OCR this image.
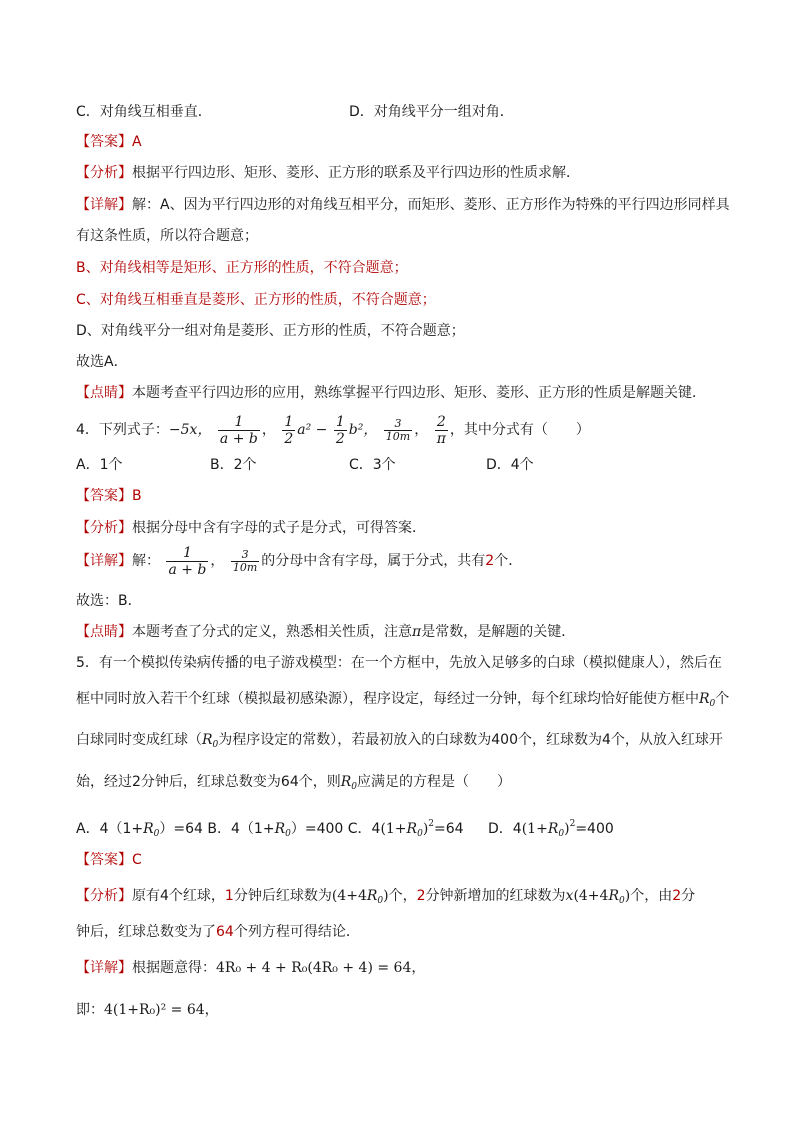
C．对角线互相垂直．	D．对角线平分一组对角．
【答案】A
【分析】根据平行四边形、矩形、菱形、正方形的联系及平行四边形的性质求解．
【详解】解：A、因为平行四边形的对角线互相平分，而矩形、菱形、正方形作为特殊的平行四边形同样具
有这条性质，所以符合题意；
B、对角线相等是矩形、正方形的性质，不符合题意；
C、对角线互相垂直是菱形、正方形的性质，不符合题意；
D、对角线平分一组对角是菱形、正方形的性质，不符合题意；
故选A．
【点睛】本题考查平行四边形的应用，熟练掌握平行四边形、矩形、菱形、正方形的性质是解题关键．
4．下列式子：−5x， $\frac{1}{a + b}$ ， $\frac{1}{2} a^2 - \frac{1}{2} b^2$， $\frac{3}{10m}$ ， $\frac{2}{\pi}$ ，其中分式有（　　）
A．1个	B．2个	C．3个	D．4个
【答案】B
【分析】根据分母中含有字母的式子是分式，可得答案．
【详解】解： $\frac{1}{a + b}$ ， $\frac{3}{10m}$ 的分母中含有字母，属于分式，共有2个．
故选：B．
【点睛】本题考查了分式的定义，熟悉相关性质，注意π是常数，是解题的关键．
5．有一个模拟传染病传播的电子游戏模型：在一个方框中，先放入足够多的白球（模拟健康人），然后在
框中同时放入若干个红球（模拟最初感染源），程序设定，每经过一分钟，每个红球均恰好能使方框中$R_0$个
白球同时变成红球（$R_0$为程序设定的常数），若最初放入的白球数为400个，红球数为4个，从放入红球开
始，经过2分钟后，红球总数变为64个，则$R_0$应满足的方程是（　　）
A．$4(1+R_0)=64$ B．$4(1+R_0)=400$ C．$4(1+R_0)^2=64$ D．$4(1+R_0)^2=400$
【答案】C
【分析】原有4个红球，1分钟后红球数为$(4+4R_0)$个，2分钟新增加的红球数为$x(4+4R_0)$个，由2分
钟后，红球总数变为了64个列方程可得结论．
【详解】根据题意得：4R₀ + 4 + R₀(4R₀ + 4) = 64，
即：4(1+R₀)² = 64，
